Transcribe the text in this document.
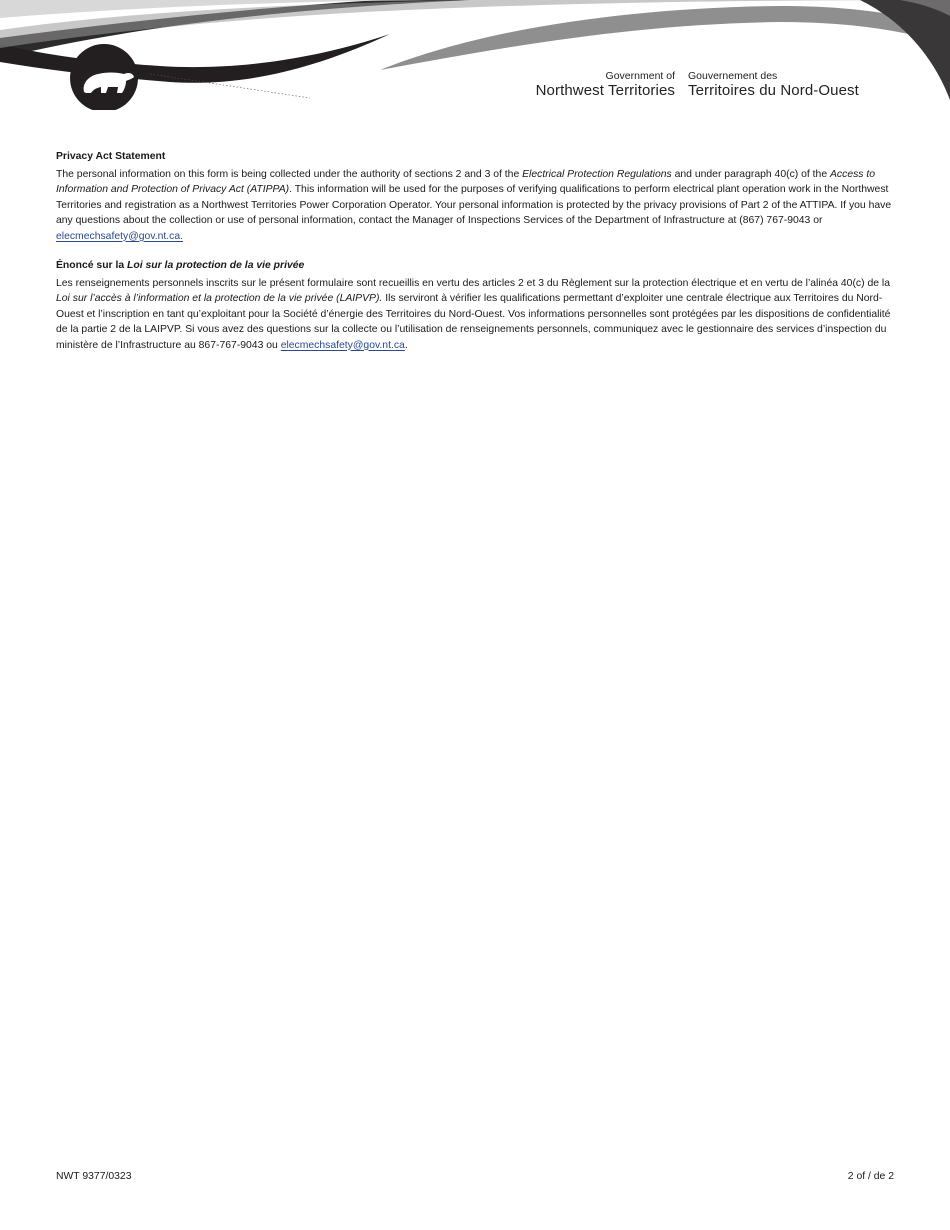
Government of
Northwest Territories
Gouvernement des
Territoires du Nord-Ouest

Privacy Act Statement

The personal information on this form is being collected under the authority of sections 2 and 3 of the Electrical Protection Regulations and under paragraph 40(c) of the Access to Information and Protection of Privacy Act (ATIPPA). This information will be used for the purposes of verifying qualifications to perform electrical plant operation work in the Northwest Territories and registration as a Northwest Territories Power Corporation Operator. Your personal information is protected by the privacy provisions of Part 2 of the ATTIPA. If you have any questions about the collection or use of personal information, contact the Manager of Inspections Services of the Department of Infrastructure at (867) 767-9043 or elecmechsafety@gov.nt.ca.

Énoncé sur la Loi sur la protection de la vie privée

Les renseignements personnels inscrits sur le présent formulaire sont recueillis en vertu des articles 2 et 3 du Règlement sur la protection électrique et en vertu de l’alinéa 40(c) de la Loi sur l’accès à l’information et la protection de la vie privée (LAIPVP). Ils serviront à vérifier les qualifications permettant d’exploiter une centrale électrique aux Territoires du Nord-Ouest et l’inscription en tant qu’exploitant pour la Société d’énergie des Territoires du Nord-Ouest. Vos informations personnelles sont protégées par les dispositions de confidentialité de la partie 2 de la LAIPVP. Si vous avez des questions sur la collecte ou l’utilisation de renseignements personnels, communiquez avec le gestionnaire des services d’inspection du ministère de l’Infrastructure au 867-767-9043 ou elecmechsafety@gov.nt.ca.

NWT 9377/0323	2 of / de 2
